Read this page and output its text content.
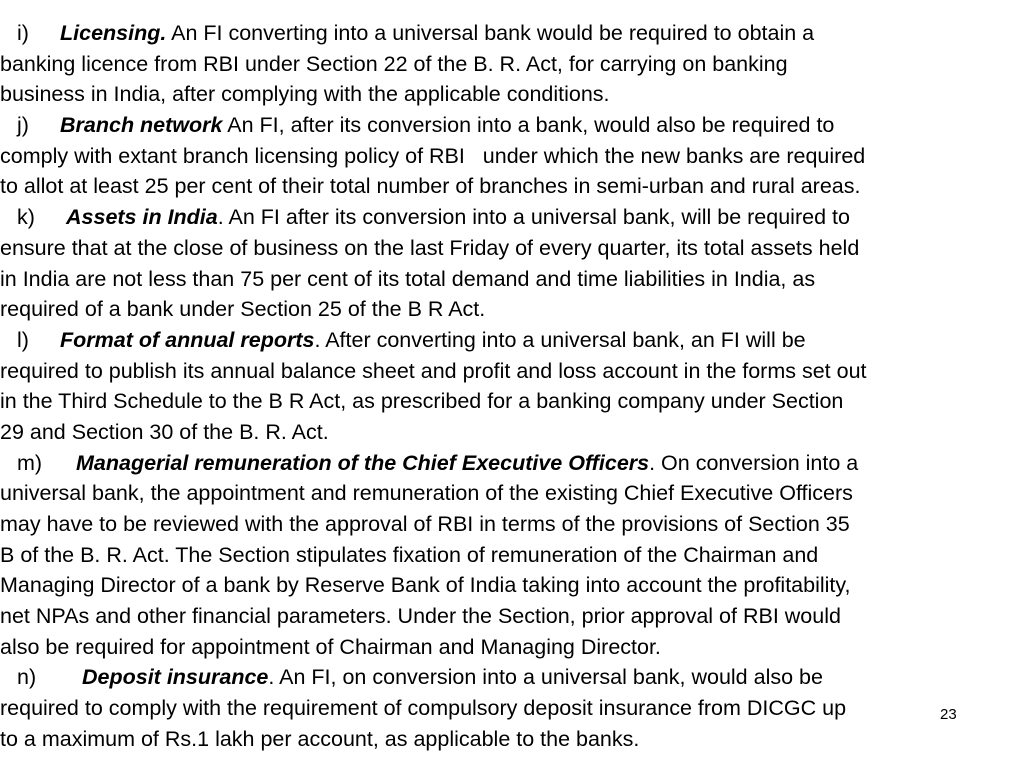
i) Licensing. An FI converting into a universal bank would be required to obtain a
banking licence from RBI under Section 22 of the B. R. Act, for carrying on banking
business in India, after complying with the applicable conditions.
j) Branch network An FI, after its conversion into a bank, would also be required to
comply with extant branch licensing policy of RBI   under which the new banks are required
to allot at least 25 per cent of their total number of branches in semi-urban and rural areas.
k) Assets in India. An FI after its conversion into a universal bank, will be required to
ensure that at the close of business on the last Friday of every quarter, its total assets held
in India are not less than 75 per cent of its total demand and time liabilities in India, as
required of a bank under Section 25 of the B R Act.
l) Format of annual reports. After converting into a universal bank, an FI will be
required to publish its annual balance sheet and profit and loss account in the forms set out
in the Third Schedule to the B R Act, as prescribed for a banking company under Section
29 and Section 30 of the B. R. Act.
m) Managerial remuneration of the Chief Executive Officers. On conversion into a
universal bank, the appointment and remuneration of the existing Chief Executive Officers
may have to be reviewed with the approval of RBI in terms of the provisions of Section 35
B of the B. R. Act. The Section stipulates fixation of remuneration of the Chairman and
Managing Director of a bank by Reserve Bank of India taking into account the profitability,
net NPAs and other financial parameters. Under the Section, prior approval of RBI would
also be required for appointment of Chairman and Managing Director.
n) Deposit insurance. An FI, on conversion into a universal bank, would also be
required to comply with the requirement of compulsory deposit insurance from DICGC up
to a maximum of Rs.1 lakh per account, as applicable to the banks.
23
